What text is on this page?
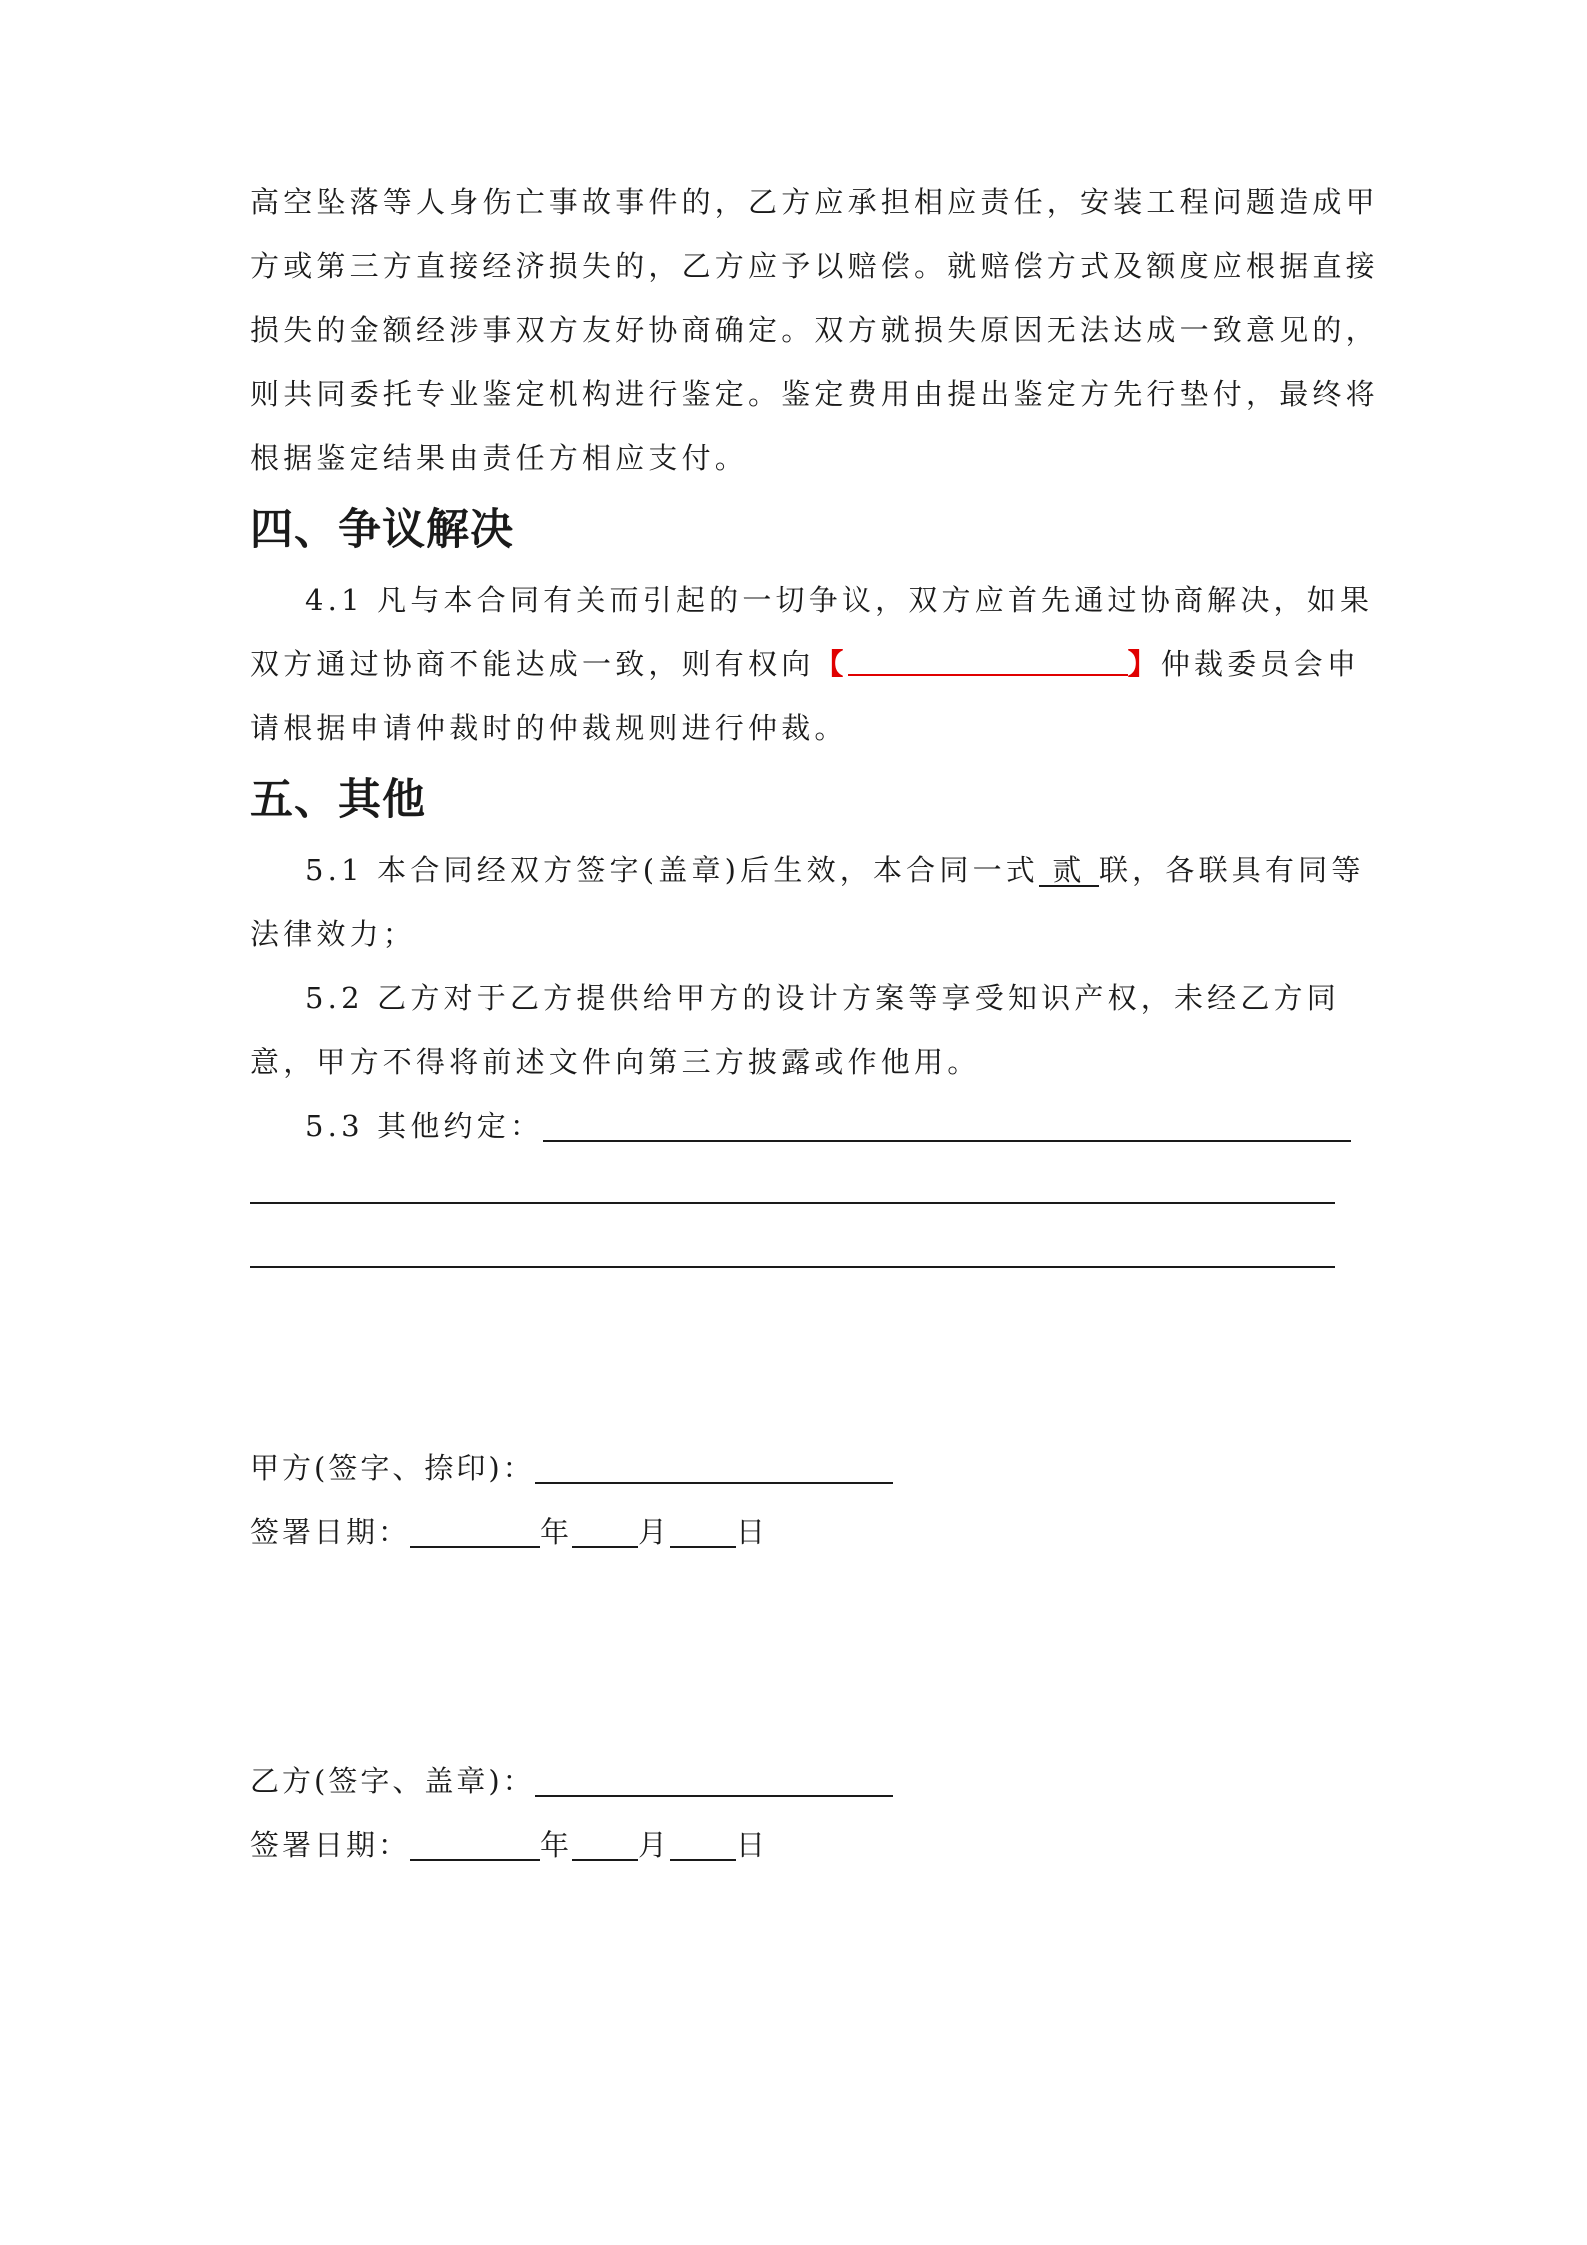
高空坠落等人身伤亡事故事件的，乙方应承担相应责任，安装工程问题造成甲

方或第三方直接经济损失的，乙方应予以赔偿。就赔偿方式及额度应根据直接

损失的金额经涉事双方友好协商确定。双方就损失原因无法达成一致意见的，

则共同委托专业鉴定机构进行鉴定。鉴定费用由提出鉴定方先行垫付，最终将

根据鉴定结果由责任方相应支付。

四、争议解决

4.1 凡与本合同有关而引起的一切争议，双方应首先通过协商解决，如果

双方通过协商不能达成一致，则有权向【	】仲裁委员会申

请根据申请仲裁时的仲裁规则进行仲裁。

五、其他

5.1 本合同经双方签字(盖章)后生效，本合同一式 贰 联，各联具有同等

法律效力；

5.2 乙方对于乙方提供给甲方的设计方案等享受知识产权，未经乙方同

意，甲方不得将前述文件向第三方披露或作他用。

5.3 其他约定：

甲方(签字、捺印)：
签署日期：	年 月 日
乙方(签字、盖章)：
签署日期：	年 月 日
